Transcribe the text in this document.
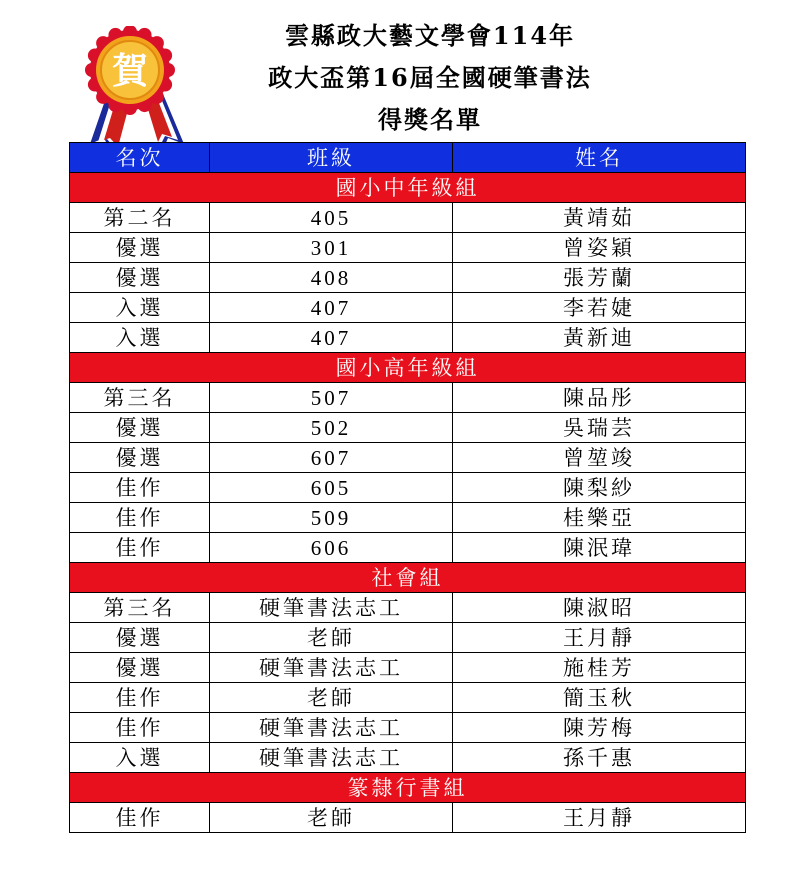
賀
雲縣政大藝文學會114年
政大盃第16屆全國硬筆書法
得獎名單
名次	班級	姓名
國小中年級組		
第二名	405	黃靖茹
優選	301	曾姿穎
優選	408	張芳蘭
入選	407	李若婕
入選	407	黃新迪
國小高年級組		
第三名	507	陳品彤
優選	502	吳瑞芸
優選	607	曾堃竣
佳作	605	陳梨紗
佳作	509	桂樂亞
佳作	606	陳泯瑋
社會組		
第三名	硬筆書法志工	陳淑昭
優選	老師	王月靜
優選	硬筆書法志工	施桂芳
佳作	老師	簡玉秋
佳作	硬筆書法志工	陳芳梅
入選	硬筆書法志工	孫千惠
篆隸行書組		
佳作	老師	王月靜
